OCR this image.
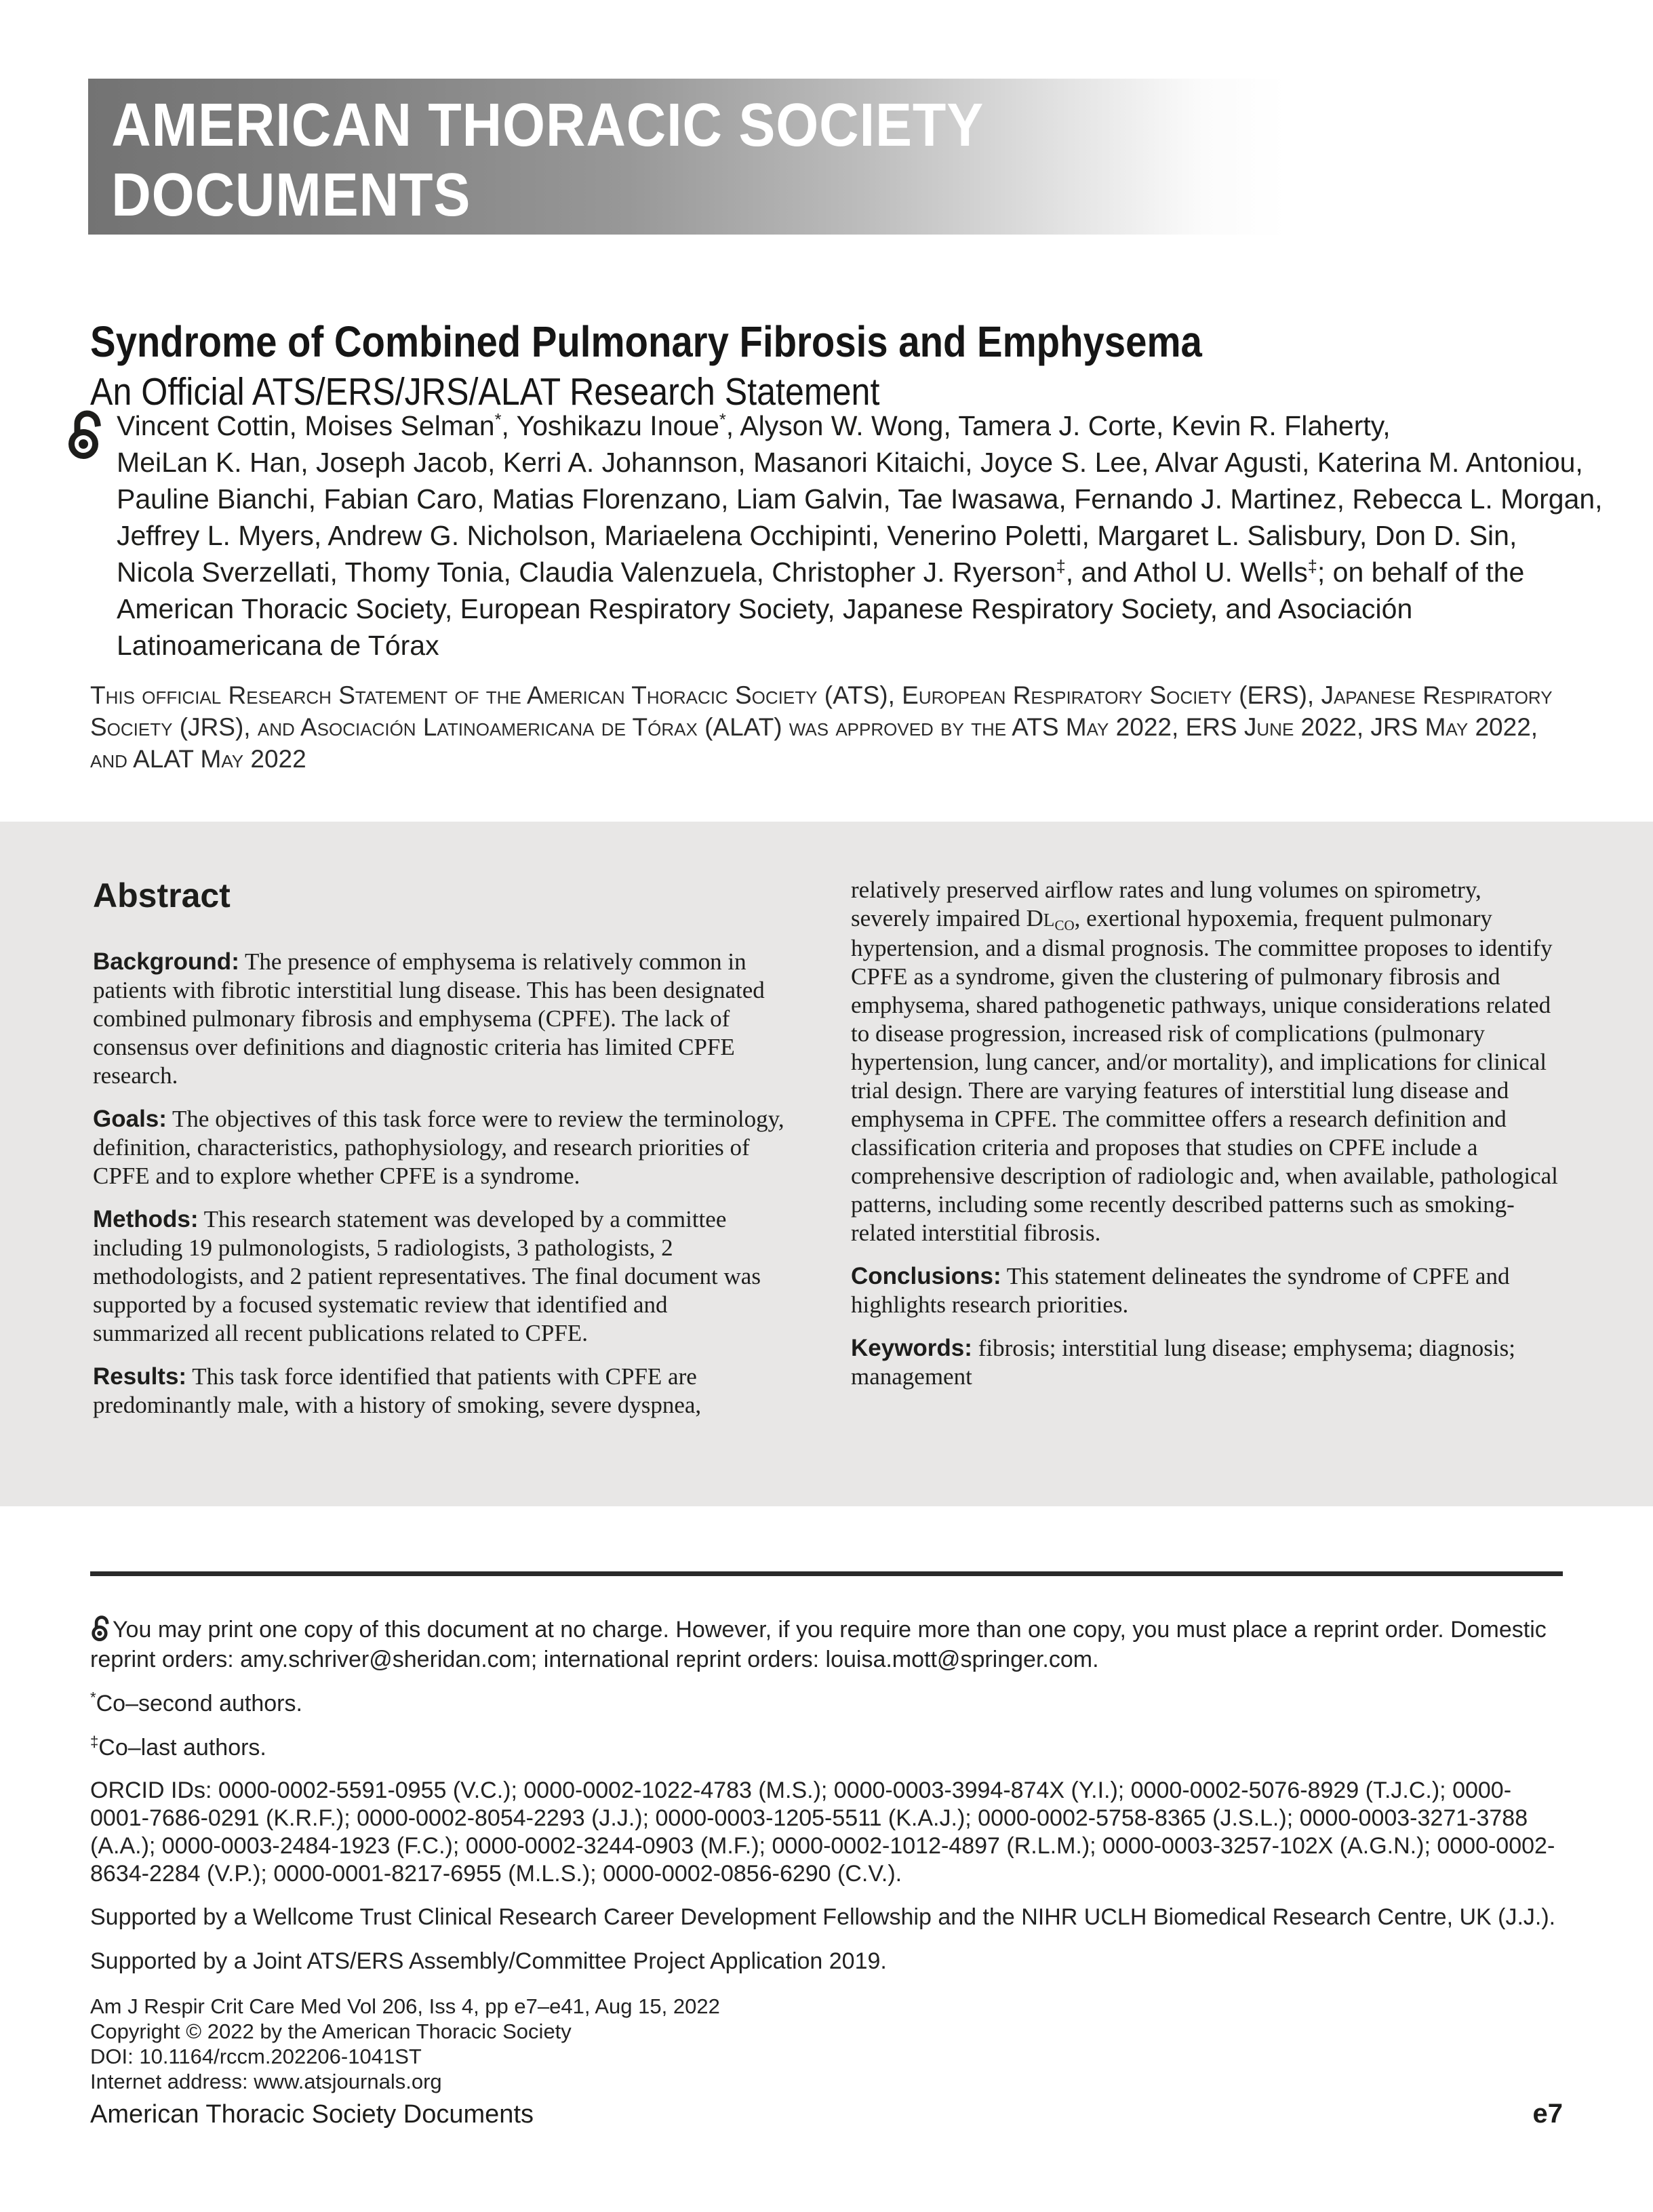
AMERICAN THORACIC SOCIETY
DOCUMENTS
Syndrome of Combined Pulmonary Fibrosis and Emphysema
An Official ATS/ERS/JRS/ALAT Research Statement
Vincent Cottin, Moises Selman*, Yoshikazu Inoue*, Alyson W. Wong, Tamera J. Corte, Kevin R. Flaherty,
MeiLan K. Han, Joseph Jacob, Kerri A. Johannson, Masanori Kitaichi, Joyce S. Lee, Alvar Agusti, Katerina M. Antoniou,
Pauline Bianchi, Fabian Caro, Matias Florenzano, Liam Galvin, Tae Iwasawa, Fernando J. Martinez, Rebecca L. Morgan,
Jeffrey L. Myers, Andrew G. Nicholson, Mariaelena Occhipinti, Venerino Poletti, Margaret L. Salisbury, Don D. Sin,
Nicola Sverzellati, Thomy Tonia, Claudia Valenzuela, Christopher J. Ryerson‡, and Athol U. Wells‡; on behalf of the
American Thoracic Society, European Respiratory Society, Japanese Respiratory Society, and Asociación
Latinoamericana de Tórax
This official Research Statement of the American Thoracic Society (ATS), European Respiratory Society (ERS), Japanese Respiratory Society (JRS), and Asociación Latinoamericana de Tórax (ALAT) was approved by the ATS May 2022, ERS June 2022, JRS May 2022, and ALAT May 2022
Abstract

Background: The presence of emphysema is relatively common in patients with fibrotic interstitial lung disease. This has been designated combined pulmonary fibrosis and emphysema (CPFE). The lack of consensus over definitions and diagnostic criteria has limited CPFE research.

Goals: The objectives of this task force were to review the terminology, definition, characteristics, pathophysiology, and research priorities of CPFE and to explore whether CPFE is a syndrome.

Methods: This research statement was developed by a committee including 19 pulmonologists, 5 radiologists, 3 pathologists, 2 methodologists, and 2 patient representatives. The final document was supported by a focused systematic review that identified and summarized all recent publications related to CPFE.

Results: This task force identified that patients with CPFE are predominantly male, with a history of smoking, severe dyspnea,

relatively preserved airflow rates and lung volumes on spirometry, severely impaired DLCO, exertional hypoxemia, frequent pulmonary hypertension, and a dismal prognosis. The committee proposes to identify CPFE as a syndrome, given the clustering of pulmonary fibrosis and emphysema, shared pathogenetic pathways, unique considerations related to disease progression, increased risk of complications (pulmonary hypertension, lung cancer, and/or mortality), and implications for clinical trial design. There are varying features of interstitial lung disease and emphysema in CPFE. The committee offers a research definition and classification criteria and proposes that studies on CPFE include a comprehensive description of radiologic and, when available, pathological patterns, including some recently described patterns such as smoking-related interstitial fibrosis.

Conclusions: This statement delineates the syndrome of CPFE and highlights research priorities.

Keywords: fibrosis; interstitial lung disease; emphysema; diagnosis; management

You may print one copy of this document at no charge. However, if you require more than one copy, you must place a reprint order. Domestic reprint orders: amy.schriver@sheridan.com; international reprint orders: louisa.mott@springer.com.

*Co–second authors.

‡Co–last authors.

ORCID IDs: 0000-0002-5591-0955 (V.C.); 0000-0002-1022-4783 (M.S.); 0000-0003-3994-874X (Y.I.); 0000-0002-5076-8929 (T.J.C.); 0000-0001-7686-0291 (K.R.F.); 0000-0002-8054-2293 (J.J.); 0000-0003-1205-5511 (K.A.J.); 0000-0002-5758-8365 (J.S.L.); 0000-0003-3271-3788 (A.A.); 0000-0003-2484-1923 (F.C.); 0000-0002-3244-0903 (M.F.); 0000-0002-1012-4897 (R.L.M.); 0000-0003-3257-102X (A.G.N.); 0000-0002-8634-2284 (V.P.); 0000-0001-8217-6955 (M.L.S.); 0000-0002-0856-6290 (C.V.).

Supported by a Wellcome Trust Clinical Research Career Development Fellowship and the NIHR UCLH Biomedical Research Centre, UK (J.J.).

Supported by a Joint ATS/ERS Assembly/Committee Project Application 2019.

Am J Respir Crit Care Med Vol 206, Iss 4, pp e7–e41, Aug 15, 2022
Copyright © 2022 by the American Thoracic Society
DOI: 10.1164/rccm.202206-1041ST
Internet address: www.atsjournals.org
American Thoracic Society Documents	e7
